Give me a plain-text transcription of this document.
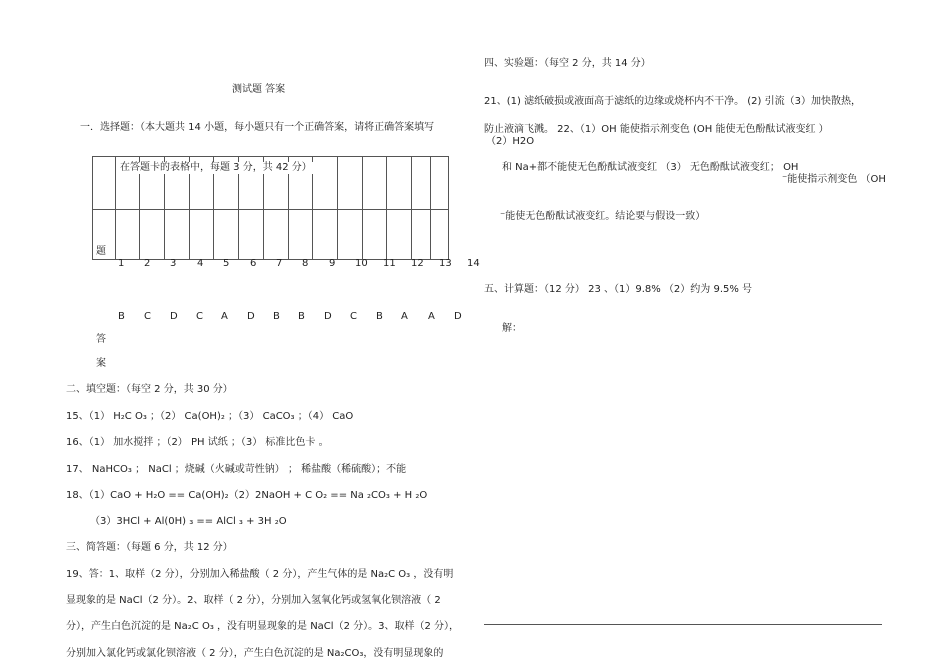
测试题 答案
一．选择题：（本大题共 14 小题，每小题只有一个正确答案，请将正确答案填写
在答题卡的表格中，每题 3 分，共 42 分）
题
1 2 3 4 5 6 7 8 9 10 11 12 13 14
B C D C A D B B D C B A A D
答
案
二、填空题：（每空 2 分，共 30 分）
15、（1） H₂C O₃ ；（2） Ca(OH)₂ ；（3） CaCO₃ ；（4） CaO
16、（1） 加水搅拌 ；（2） PH 试纸 ；（3） 标准比色卡 。
17、 NaHCO₃ ； NaCl ；烧碱（火碱或苛性钠） ； 稀盐酸（稀硫酸）；不能
18、（1）CaO + H₂O == Ca(OH)₂（2）2NaOH + C O₂ == Na ₂CO₃ + H ₂O
（3）3HCl + Al(0H) ₃ == AlCl ₃ + 3H ₂O
三、简答题：（每题 6 分，共 12 分）
19、答：1、取样（2 分），分别加入稀盐酸（ 2 分），产生气体的是 Na₂C O₃ ，没有明
显现象的是 NaCl（2 分）。2、取样（ 2 分），分别加入氢氧化钙或氢氧化钡溶液（ 2
分），产生白色沉淀的是 Na₂C O₃ ，没有明显现象的是 NaCl（2 分）。3、取样（2 分），
分别加入氯化钙或氯化钡溶液（ 2 分），产生白色沉淀的是 Na₂CO₃，没有明显现象的
四、实验题：（每空 2 分，共 14 分）
21、(1) 滤纸破损或液面高于滤纸的边缘或烧杯内不干净。 (2) 引流（3）加快散热，
防止液滴飞溅。 22、（1）OH 能使指示剂变色 (OH 能使无色酚酞试液变红 ）
（2）H2O
和 Na+都不能使无色酚酞试液变红 （3） 无色酚酞试液变红； OH
⁻能使指示剂变色 （OH
⁻能使无色酚酞试液变红。结论要与假设一致）
五、计算题：（12 分） 23 、（1）9.8% （2）约为 9.5% 号
解：
